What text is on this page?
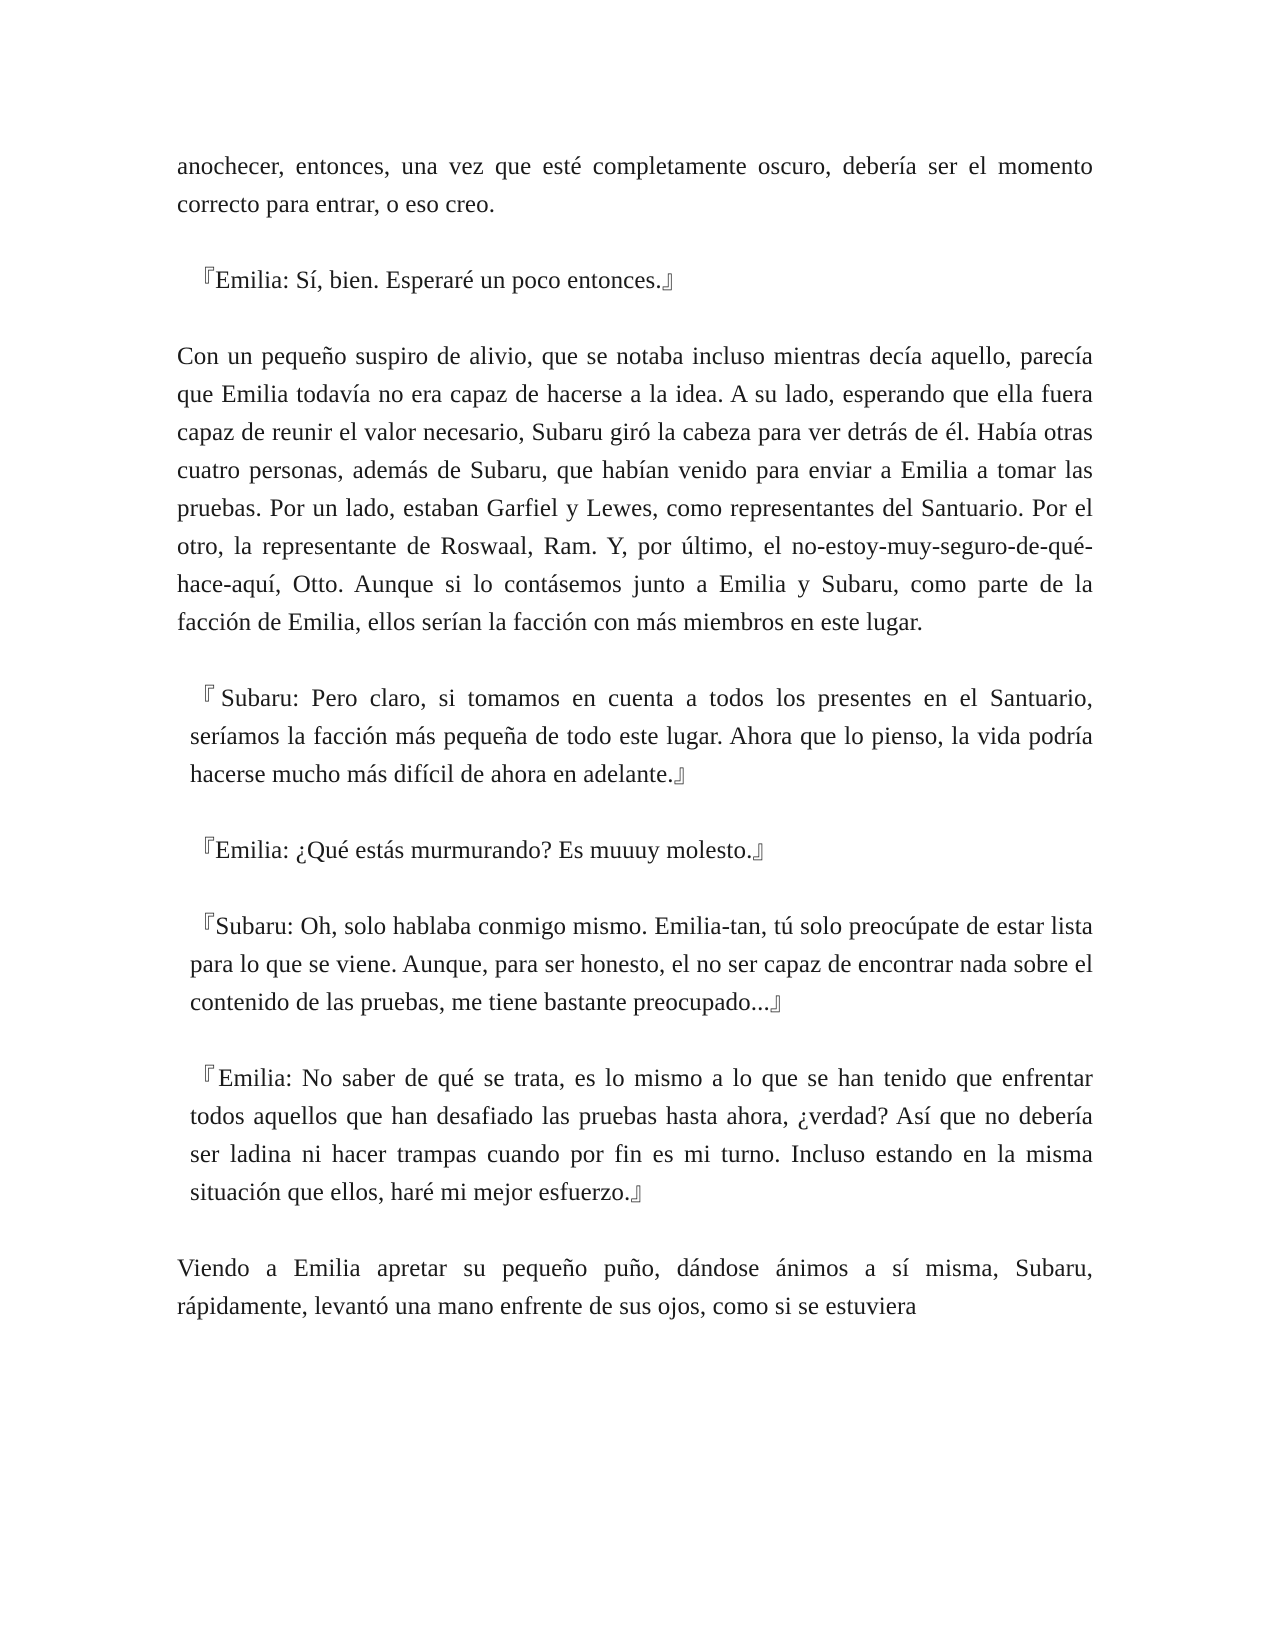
anochecer, entonces, una vez que esté completamente oscuro, debería ser el momento correcto para entrar, o eso creo.

『Emilia: Sí, bien. Esperaré un poco entonces.』

Con un pequeño suspiro de alivio, que se notaba incluso mientras decía aquello, parecía que Emilia todavía no era capaz de hacerse a la idea. A su lado, esperando que ella fuera capaz de reunir el valor necesario, Subaru giró la cabeza para ver detrás de él. Había otras cuatro personas, además de Subaru, que habían venido para enviar a Emilia a tomar las pruebas. Por un lado, estaban Garfiel y Lewes, como representantes del Santuario. Por el otro, la representante de Roswaal, Ram. Y, por último, el no-estoy-muy-seguro-de-qué-hace-aquí, Otto. Aunque si lo contásemos junto a Emilia y Subaru, como parte de la facción de Emilia, ellos serían la facción con más miembros en este lugar.

『Subaru: Pero claro, si tomamos en cuenta a todos los presentes en el Santuario, seríamos la facción más pequeña de todo este lugar. Ahora que lo pienso, la vida podría hacerse mucho más difícil de ahora en adelante.』

『Emilia: ¿Qué estás murmurando? Es muuuy molesto.』

『Subaru: Oh, solo hablaba conmigo mismo. Emilia-tan, tú solo preocúpate de estar lista para lo que se viene. Aunque, para ser honesto, el no ser capaz de encontrar nada sobre el contenido de las pruebas, me tiene bastante preocupado...』

『Emilia: No saber de qué se trata, es lo mismo a lo que se han tenido que enfrentar todos aquellos que han desafiado las pruebas hasta ahora, ¿verdad? Así que no debería ser ladina ni hacer trampas cuando por fin es mi turno. Incluso estando en la misma situación que ellos, haré mi mejor esfuerzo.』

Viendo a Emilia apretar su pequeño puño, dándose ánimos a sí misma, Subaru, rápidamente, levantó una mano enfrente de sus ojos, como si se estuviera
